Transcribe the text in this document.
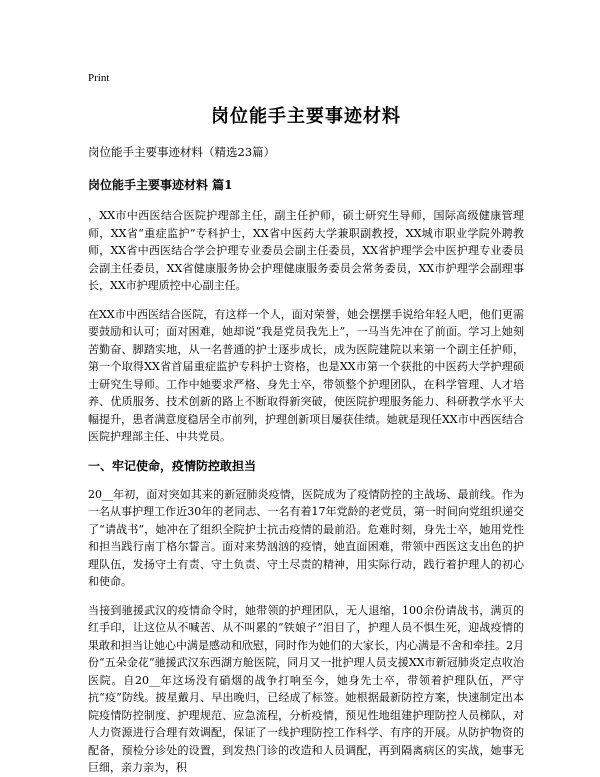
Print
岗位能手主要事迹材料
岗位能手主要事迹材料（精选23篇）
岗位能手主要事迹材料 篇1

，XX市中西医结合医院护理部主任，副主任护师，硕士研究生导师，国际高级健康管理师，XX省“重症监护”专科护士，XX省中医药大学兼职副教授，XX城市职业学院外聘教师，XX省中西医结合学会护理专业委员会副主任委员，XX省护理学会中医护理专业委员会副主任委员，XX省健康服务协会护理健康服务委员会常务委员，XX市护理学会副理事长，XX市护理质控中心副主任。

在XX市中西医结合医院，有这样一个人，面对荣誉，她会摆摆手说给年轻人吧，他们更需要鼓励和认可；面对困难，她却说“我是党员我先上”，一马当先冲在了前面。学习上她刻苦勤奋、脚踏实地，从一名普通的护士逐步成长，成为医院建院以来第一个副主任护师，第一个取得XX省首届重症监护专科护士资格，也是XX市第一个获批的中医药大学护理硕士研究生导师。工作中她要求严格、身先士卒，带领整个护理团队，在科学管理、人才培养、优质服务、技术创新的路上不断取得新突破，使医院护理服务能力、科研教学水平大幅提升，患者满意度稳居全市前列，护理创新项目屡获佳绩。她就是现任XX市中西医结合医院护理部主任、中共党员。

一、牢记使命，疫情防控敢担当

20__年初，面对突如其来的新冠肺炎疫情，医院成为了疫情防控的主战场、最前线。作为一名从事护理工作近30年的老同志、一名有着17年党龄的老党员，第一时间向党组织递交了“请战书”，她冲在了组织全院护士抗击疫情的最前沿。危难时刻，身先士卒，她用党性和担当践行南丁格尔誓言。面对来势汹汹的疫情，她直面困难，带领中西医这支出色的护理队伍，发扬守土有责、守土负责、守土尽责的精神，用实际行动，践行着护理人的初心和使命。

当接到驰援武汉的疫情命令时，她带领的护理团队，无人退缩，100余份请战书，满页的红手印，让这位从不喊苦、从不叫累的“铁娘子”泪目了，护理人员不惧生死，迎战疫情的果敢和担当让她心中满是感动和欣慰，同时作为她们的大家长，内心满是不舍和牵挂。2月份“五朵金花”驰援武汉东西湖方舱医院，同月又一批护理人员支援XX市新冠肺炎定点收治医院。自20__年这场没有硝烟的战争打响至今，她身先士卒，带领着护理队伍，严守抗“疫”防线。披星戴月、早出晚归，已经成了标签。她根据最新防控方案，快速制定出本院疫情防控制度、护理规范、应急流程，分析疫情，预见性地组建护理防控人员梯队，对人力资源进行合理有效调配，保证了一线护理防控工作科学、有序的开展。从防护物资的配备，预检分诊处的设置，到发热门诊的改造和人员调配，再到隔离病区的实战，她事无巨细，亲力亲为，积
